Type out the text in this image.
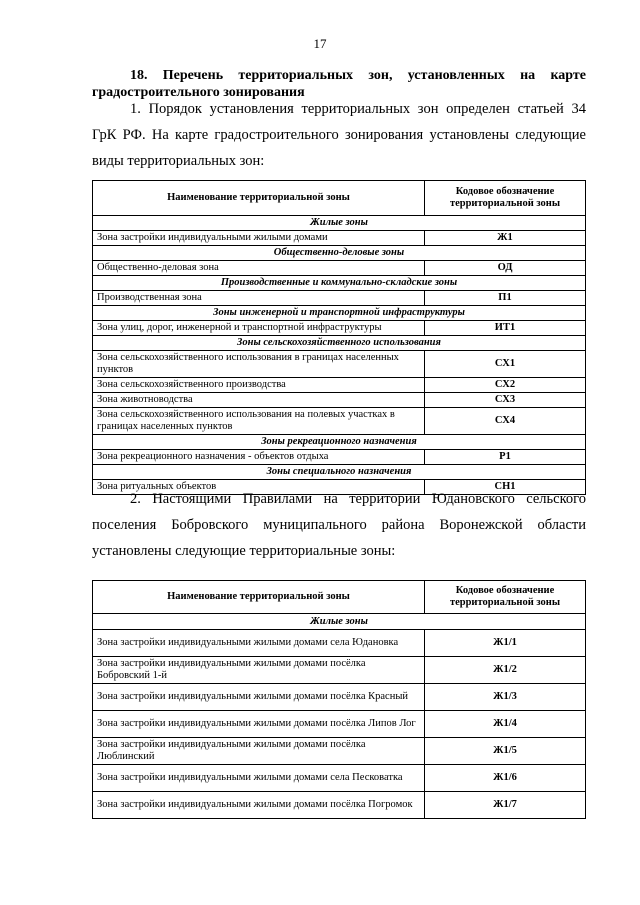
17
18. Перечень территориальных зон, установленных на карте
градостроительного зонирования
1. Порядок установления территориальных зон определен статьей 34
ГрК РФ. На карте градостроительного зонирования установлены следующие
виды территориальных зон:
Наименование территориальной зоны	Кодовое обозначение территориальной зоны
Жилые зоны	
Зона застройки индивидуальными жилыми домами	Ж1
Общественно-деловые зоны	
Общественно-деловая зона	ОД
Производственные и коммунально-складские зоны	
Производственная зона	П1
Зоны инженерной и транспортной инфраструктуры	
Зона улиц, дорог, инженерной и транспортной инфраструктуры	ИТ1
Зоны сельскохозяйственного использования	
Зона сельскохозяйственного использования в границах населенных пунктов	СХ1
Зона сельскохозяйственного производства	СХ2
Зона животноводства	СХ3
Зона сельскохозяйственного использования на полевых участках в границах населенных пунктов	СХ4
Зоны рекреационного назначения	
Зона рекреационного назначения - объектов отдыха	Р1
Зоны специального назначения	
Зона ритуальных объектов	СН1
2. Настоящими Правилами на территории Юдановского сельского
поселения Бобровского муниципального района Воронежской области
установлены следующие территориальные зоны:
Наименование территориальной зоны	Кодовое обозначение территориальной зоны
Жилые зоны	
Зона застройки индивидуальными жилыми домами села Юдановка	Ж1/1
Зона застройки индивидуальными жилыми домами посёлка Бобровский 1-й	Ж1/2
Зона застройки индивидуальными жилыми домами посёлка Красный	Ж1/3
Зона застройки индивидуальными жилыми домами посёлка Липов Лог	Ж1/4
Зона застройки индивидуальными жилыми домами посёлка Люблинский	Ж1/5
Зона застройки индивидуальными жилыми домами села Песковатка	Ж1/6
Зона застройки индивидуальными жилыми домами посёлка Погромок	Ж1/7
